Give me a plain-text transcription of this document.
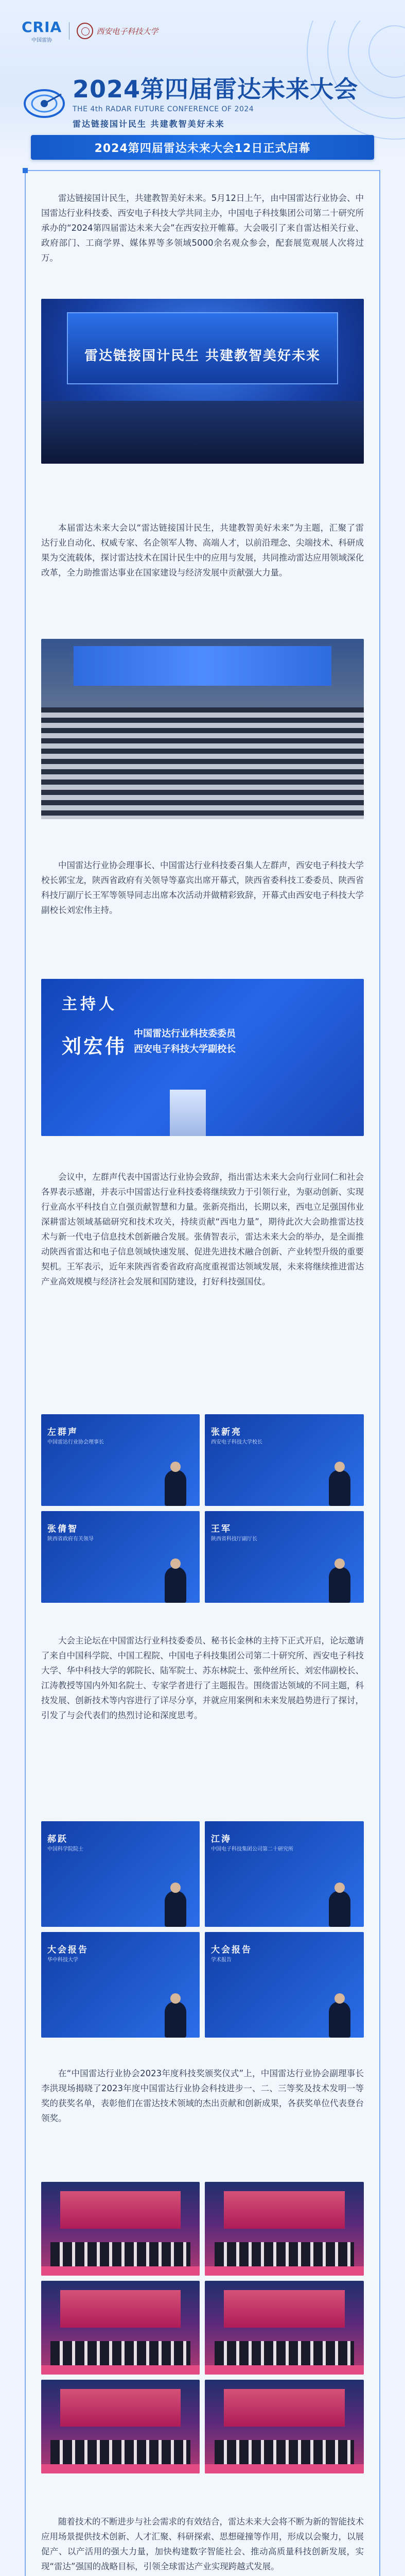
CRIA
中国雷协
西安电子科技大学
2024第四届雷达未来大会
THE 4th RADAR FUTURE CONFERENCE OF 2024
雷达链接国计民生 共建教智美好未来
2024第四届雷达未来大会12日正式启幕
雷达链接国计民生，共建教智美好未来。5月12日上午，由中国雷达行业协会、中国雷达行业科技委、西安电子科技大学共同主办，中国电子科技集团公司第二十研究所承办的“2024第四届雷达未来大会”在西安拉开帷幕。大会吸引了来自雷达相关行业、政府部门、工商学界、媒体界等多领域5000余名观众参会，配套展览观展人次将过万。
雷达链接国计民生 共建教智美好未来
本届雷达未来大会以“雷达链接国计民生，共建教智美好未来”为主题，汇聚了雷达行业自动化、权威专家、名企领军人物、高端人才，以前沿理念、尖端技术、科研成果为交流载体，探讨雷达技术在国计民生中的应用与发展，共同推动雷达应用领域深化改革，全力助推雷达事业在国家建设与经济发展中贡献强大力量。
中国雷达行业协会理事长、中国雷达行业科技委召集人左群声，西安电子科技大学校长郭宝龙，陕西省政府有关领导等嘉宾出席开幕式，陕西省委科技工委委员、陕西省科技厅副厅长王军等领导同志出席本次活动并做精彩致辞，开幕式由西安电子科技大学副校长刘宏伟主持。
主持人
刘宏伟
中国雷达行业科技委委员
西安电子科技大学副校长
会议中，左群声代表中国雷达行业协会致辞，指出雷达未来大会向行业同仁和社会各界表示感谢，并表示中国雷达行业科技委将继续致力于引领行业，为驱动创新、实现行业高水平科技自立自强贡献智慧和力量。张新亮指出，长期以来，西电立足强国伟业深耕雷达领域基础研究和技术攻关，持续贡献“西电力量”，期待此次大会助推雷达技术与新一代电子信息技术创新融合发展。张倩智表示，雷达未来大会的举办，是全面推动陕西省雷达和电子信息领域快速发展、促进先进技术融合创新、产业转型升级的重要契机。王军表示，近年来陕西省委省政府高度重视雷达领域发展，未来将继续推进雷达产业高效规模与经济社会发展和国防建设，打好科技强国仗。
左群声
中国雷达行业协会理事长
张新亮
西安电子科技大学校长
张倩智
陕西省政府有关领导
王军
陕西省科技厅副厅长
大会主论坛在中国雷达行业科技委委员、秘书长金林的主持下正式开启，论坛邀请了来自中国科学院、中国工程院、中国电子科技集团公司第二十研究所、西安电子科技大学、华中科技大学的郭院长、陆军院士、苏东林院士、张仲丝所长、刘宏伟副校长、江涛教授等国内外知名院士、专家学者进行了主题报告。围绕雷达领域的不同主题，科技发展、创新技术等内容进行了详尽分享，并就应用案例和未来发展趋势进行了探讨，引发了与会代表们的热烈讨论和深度思考。
郝跃
中国科学院院士
江涛
中国电子科技集团公司第二十研究所
大会报告
华中科技大学
大会报告
学术报告
在“中国雷达行业协会2023年度科技奖颁奖仪式”上，中国雷达行业协会副理事长李洪现场揭晓了2023年度中国雷达行业协会科技进步一、二、三等奖及技术发明一等奖的获奖名单，表彰他们在雷达技术领域的杰出贡献和创新成果，各获奖单位代表登台领奖。
随着技术的不断进步与社会需求的有效结合，雷达未来大会将不断为新的智能技术应用场景提供技术创新、人才汇聚、科研探索、思想碰撞等作用，形成以会聚力，以展促产、以产活用的强大力量，加快构建数字智能社会、推动高质量科技创新发展，实现“雷达”强国的战略目标，引领全球雷达产业实现跨越式发展。
